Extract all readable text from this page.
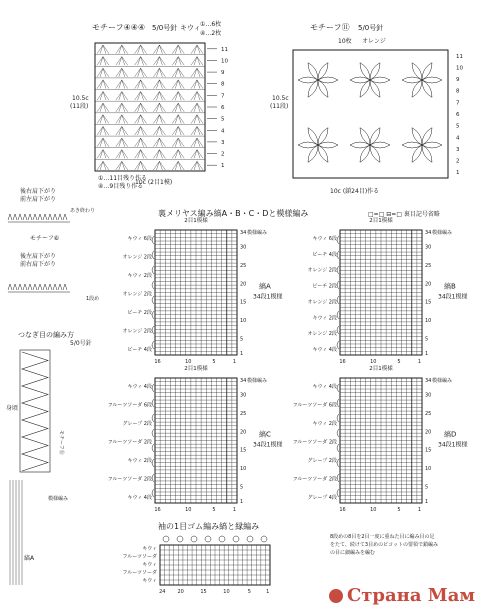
モチーフ④④④ 5/0号針 キウィ ①…6枚
④…2枚
10.5c
(11段)
11
10
9
8
7
6
5
4
3
2
1
①…11目残り作る
④…9目残り作る
10c (2目1模)
モチーフ⑪ 5/0号針
10枚 オレンジ
10.5c
(11段)
11
10
9
8
7
6
5
4
3
2
1
10c (鎖24目)作る
後右肩下がり
前左肩下がり
あき終わり
モチーフ⑥
後左肩下がり
前右肩下がり
1段め
つなぎ目の編み方
5/0号針
身頃
模様編み
モチーフ⑪
縞A
裏メリヤス編み縞A・B・C・Dと模様編み	□=□ ⊟=□ 裏目記号省略
2目1模様
模様編み
34
30
25
20
15
10
5
1
16	10	5	1
キウィ 6段
オレンジ 2段
キウィ 2段
オレンジ 2段
ピーチ 2段
オレンジ 2段
ピーチ 4段
縞A
34段1模様
2目1模様
模様編み
34
30
25
20
15
10
5
1
16	10	5	1
キウィ 6段
ピーチ 4段
オレンジ 2段
ピーチ 2段
オレンジ 2段
キウィ 2段
オレンジ 2段
キウィ 4段
縞B
34段1模様
2目1模様
模様編み
34
30
25
20
15
10
5
1
16	10	5	1
キウィ 4段
フルーツソーダ 6段
グレープ 2段
フルーツソーダ 2段
キウィ 2段
フルーツソーダ 2段
キウィ 4段
縞C
34段1模様
2目1模様
模様編み
34
30
25
20
15
10
5
1
16	10	5	1
キウィ 4段
フルーツソーダ 6段
キウィ 2段
フルーツソーダ 2段
グレープ 2段
フルーツソーダ 2段
グレープ 4段
縞D
34段1模様
袖の1目ゴム編み縞と縁編み
キウィ
フルーツソーダ
キウィ
フルーツソーダ
キウィ
24 20	15	10	5	1
8段めの8目を2目一度に重ねた目に編み目の足
をたて、続けて3目めのピコットの要領で鎖編み
の目に細編みを編む
Страна Мам
